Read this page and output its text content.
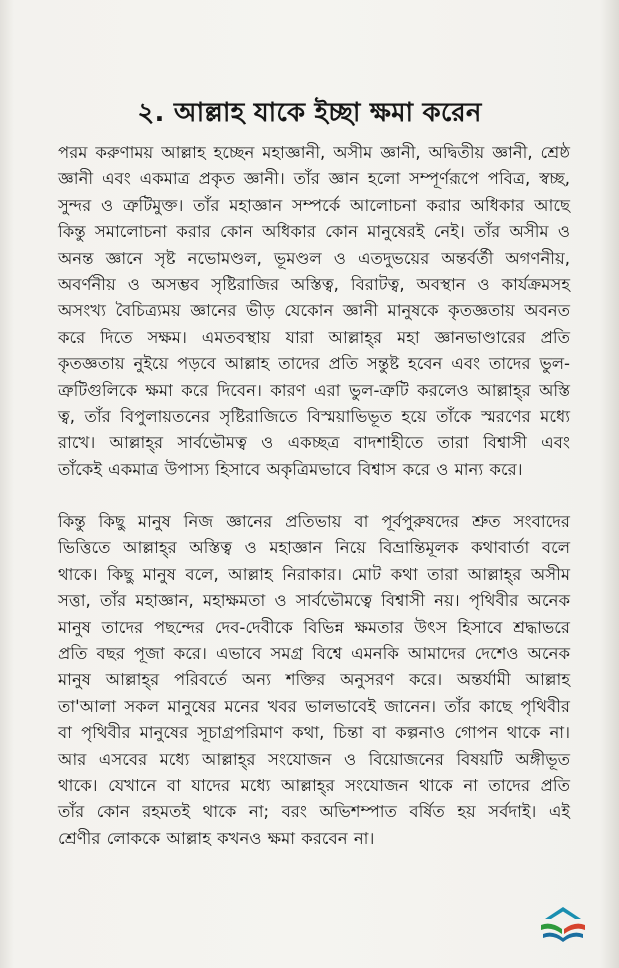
২. আল্লাহ যাকে ইচ্ছা ক্ষমা করেন
পরম করুণাময় আল্লাহ হচ্ছেন মহাজ্ঞানী, অসীম জ্ঞানী, অদ্বিতীয় জ্ঞানী, শ্রেষ্ঠ
জ্ঞানী এবং একমাত্র প্রকৃত জ্ঞানী। তাঁর জ্ঞান হলো সম্পূর্ণরূপে পবিত্র, স্বচ্ছ,
সুন্দর ও ত্রুটিমুক্ত। তাঁর মহাজ্ঞান সম্পর্কে আলোচনা করার অধিকার আছে
কিন্তু সমালোচনা করার কোন অধিকার কোন মানুষেরই নেই। তাঁর অসীম ও
অনন্ত জ্ঞানে সৃষ্ট নভোমণ্ডল, ভূমণ্ডল ও এতদুভয়ের অন্তর্বর্তী অগণনীয়,
অবর্ণনীয় ও অসম্ভব সৃষ্টিরাজির অস্তিত্ব, বিরাটত্ব, অবস্থান ও কার্যক্রমসহ
অসংখ্য বৈচিত্র্যময় জ্ঞানের ভীড় যেকোন জ্ঞানী মানুষকে কৃতজ্ঞতায় অবনত
করে দিতে সক্ষম। এমতবস্থায় যারা আল্লাহ্‌র মহা জ্ঞানভাণ্ডারের প্রতি
কৃতজ্ঞতায় নুইয়ে পড়বে আল্লাহ তাদের প্রতি সন্তুষ্ট হবেন এবং তাদের ভুল-
ত্রুটিগুলিকে ক্ষমা করে দিবেন। কারণ এরা ভুল-ত্রুটি করলেও আল্লাহ্‌র অস্তি
ত্ব, তাঁর বিপুলায়তনের সৃষ্টিরাজিতে বিস্ময়াভিভূত হয়ে তাঁকে স্মরণের মধ্যে
রাখে। আল্লাহ্‌র সার্বভৌমত্ব ও একচ্ছত্র বাদশাহীতে তারা বিশ্বাসী এবং
তাঁকেই একমাত্র উপাস্য হিসাবে অকৃত্রিমভাবে বিশ্বাস করে ও মান্য করে।
কিন্তু কিছু মানুষ নিজ জ্ঞানের প্রতিভায় বা পূর্বপুরুষদের শ্রুত সংবাদের
ভিত্তিতে আল্লাহ্‌র অস্তিত্ব ও মহাজ্ঞান নিয়ে বিভ্রান্তিমূলক কথাবার্তা বলে
থাকে। কিছু মানুষ বলে, আল্লাহ নিরাকার। মোট কথা তারা আল্লাহ্‌র অসীম
সত্তা, তাঁর মহাজ্ঞান, মহাক্ষমতা ও সার্বভৌমত্বে বিশ্বাসী নয়। পৃথিবীর অনেক
মানুষ তাদের পছন্দের দেব-দেবীকে বিভিন্ন ক্ষমতার উৎস হিসাবে শ্রদ্ধাভরে
প্রতি বছর পূজা করে। এভাবে সমগ্র বিশ্বে এমনকি আমাদের দেশেও অনেক
মানুষ আল্লাহ্‌র পরিবর্তে অন্য শক্তির অনুসরণ করে। অন্তর্যামী আল্লাহ
তা'আলা সকল মানুষের মনের খবর ভালভাবেই জানেন। তাঁর কাছে পৃথিবীর
বা পৃথিবীর মানুষের সূচাগ্রপরিমাণ কথা, চিন্তা বা কল্পনাও গোপন থাকে না।
আর এসবের মধ্যে আল্লাহ্‌র সংযোজন ও বিয়োজনের বিষয়টি অঙ্গীভূত
থাকে। যেখানে বা যাদের মধ্যে আল্লাহ্‌র সংযোজন থাকে না তাদের প্রতি
তাঁর কোন রহমতই থাকে না; বরং অভিশম্পাত বর্ষিত হয় সর্বদাই। এই
শ্রেণীর লোককে আল্লাহ কখনও ক্ষমা করবেন না।
